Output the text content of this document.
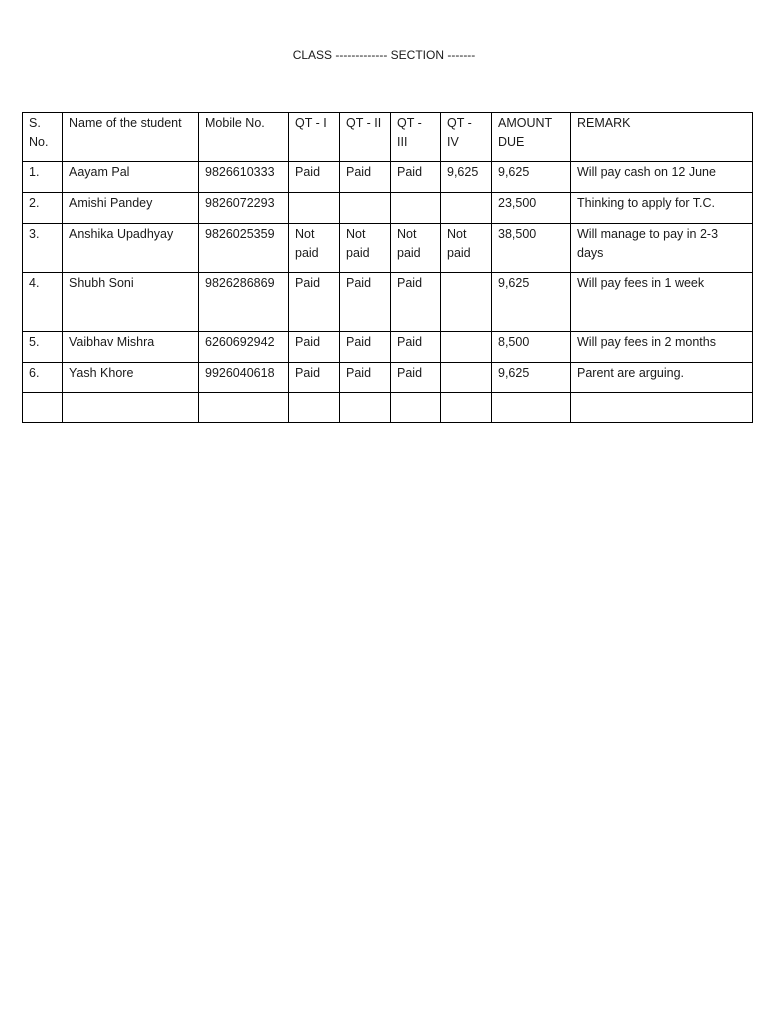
CLASS ------------- SECTION -------
S. No.	Name of the student	Mobile No.	QT - I	QT - II	QT - III	QT - IV	AMOUNT DUE	REMARK
1.	Aayam Pal	9826610333	Paid	Paid	Paid	9,625	9,625	Will pay cash on 12 June
2.	Amishi Pandey	9826072293					23,500	Thinking to apply for T.C.
3.	Anshika Upadhyay	9826025359	Not paid	Not paid	Not paid	Not paid	38,500	Will manage to pay in 2-3 days
4.	Shubh Soni	9826286869	Paid	Paid	Paid		9,625	Will pay fees in 1 week
5.	Vaibhav Mishra	6260692942	Paid	Paid	Paid		8,500	Will pay fees in 2 months
6.	Yash Khore	9926040618	Paid	Paid	Paid		9,625	Parent are arguing.
